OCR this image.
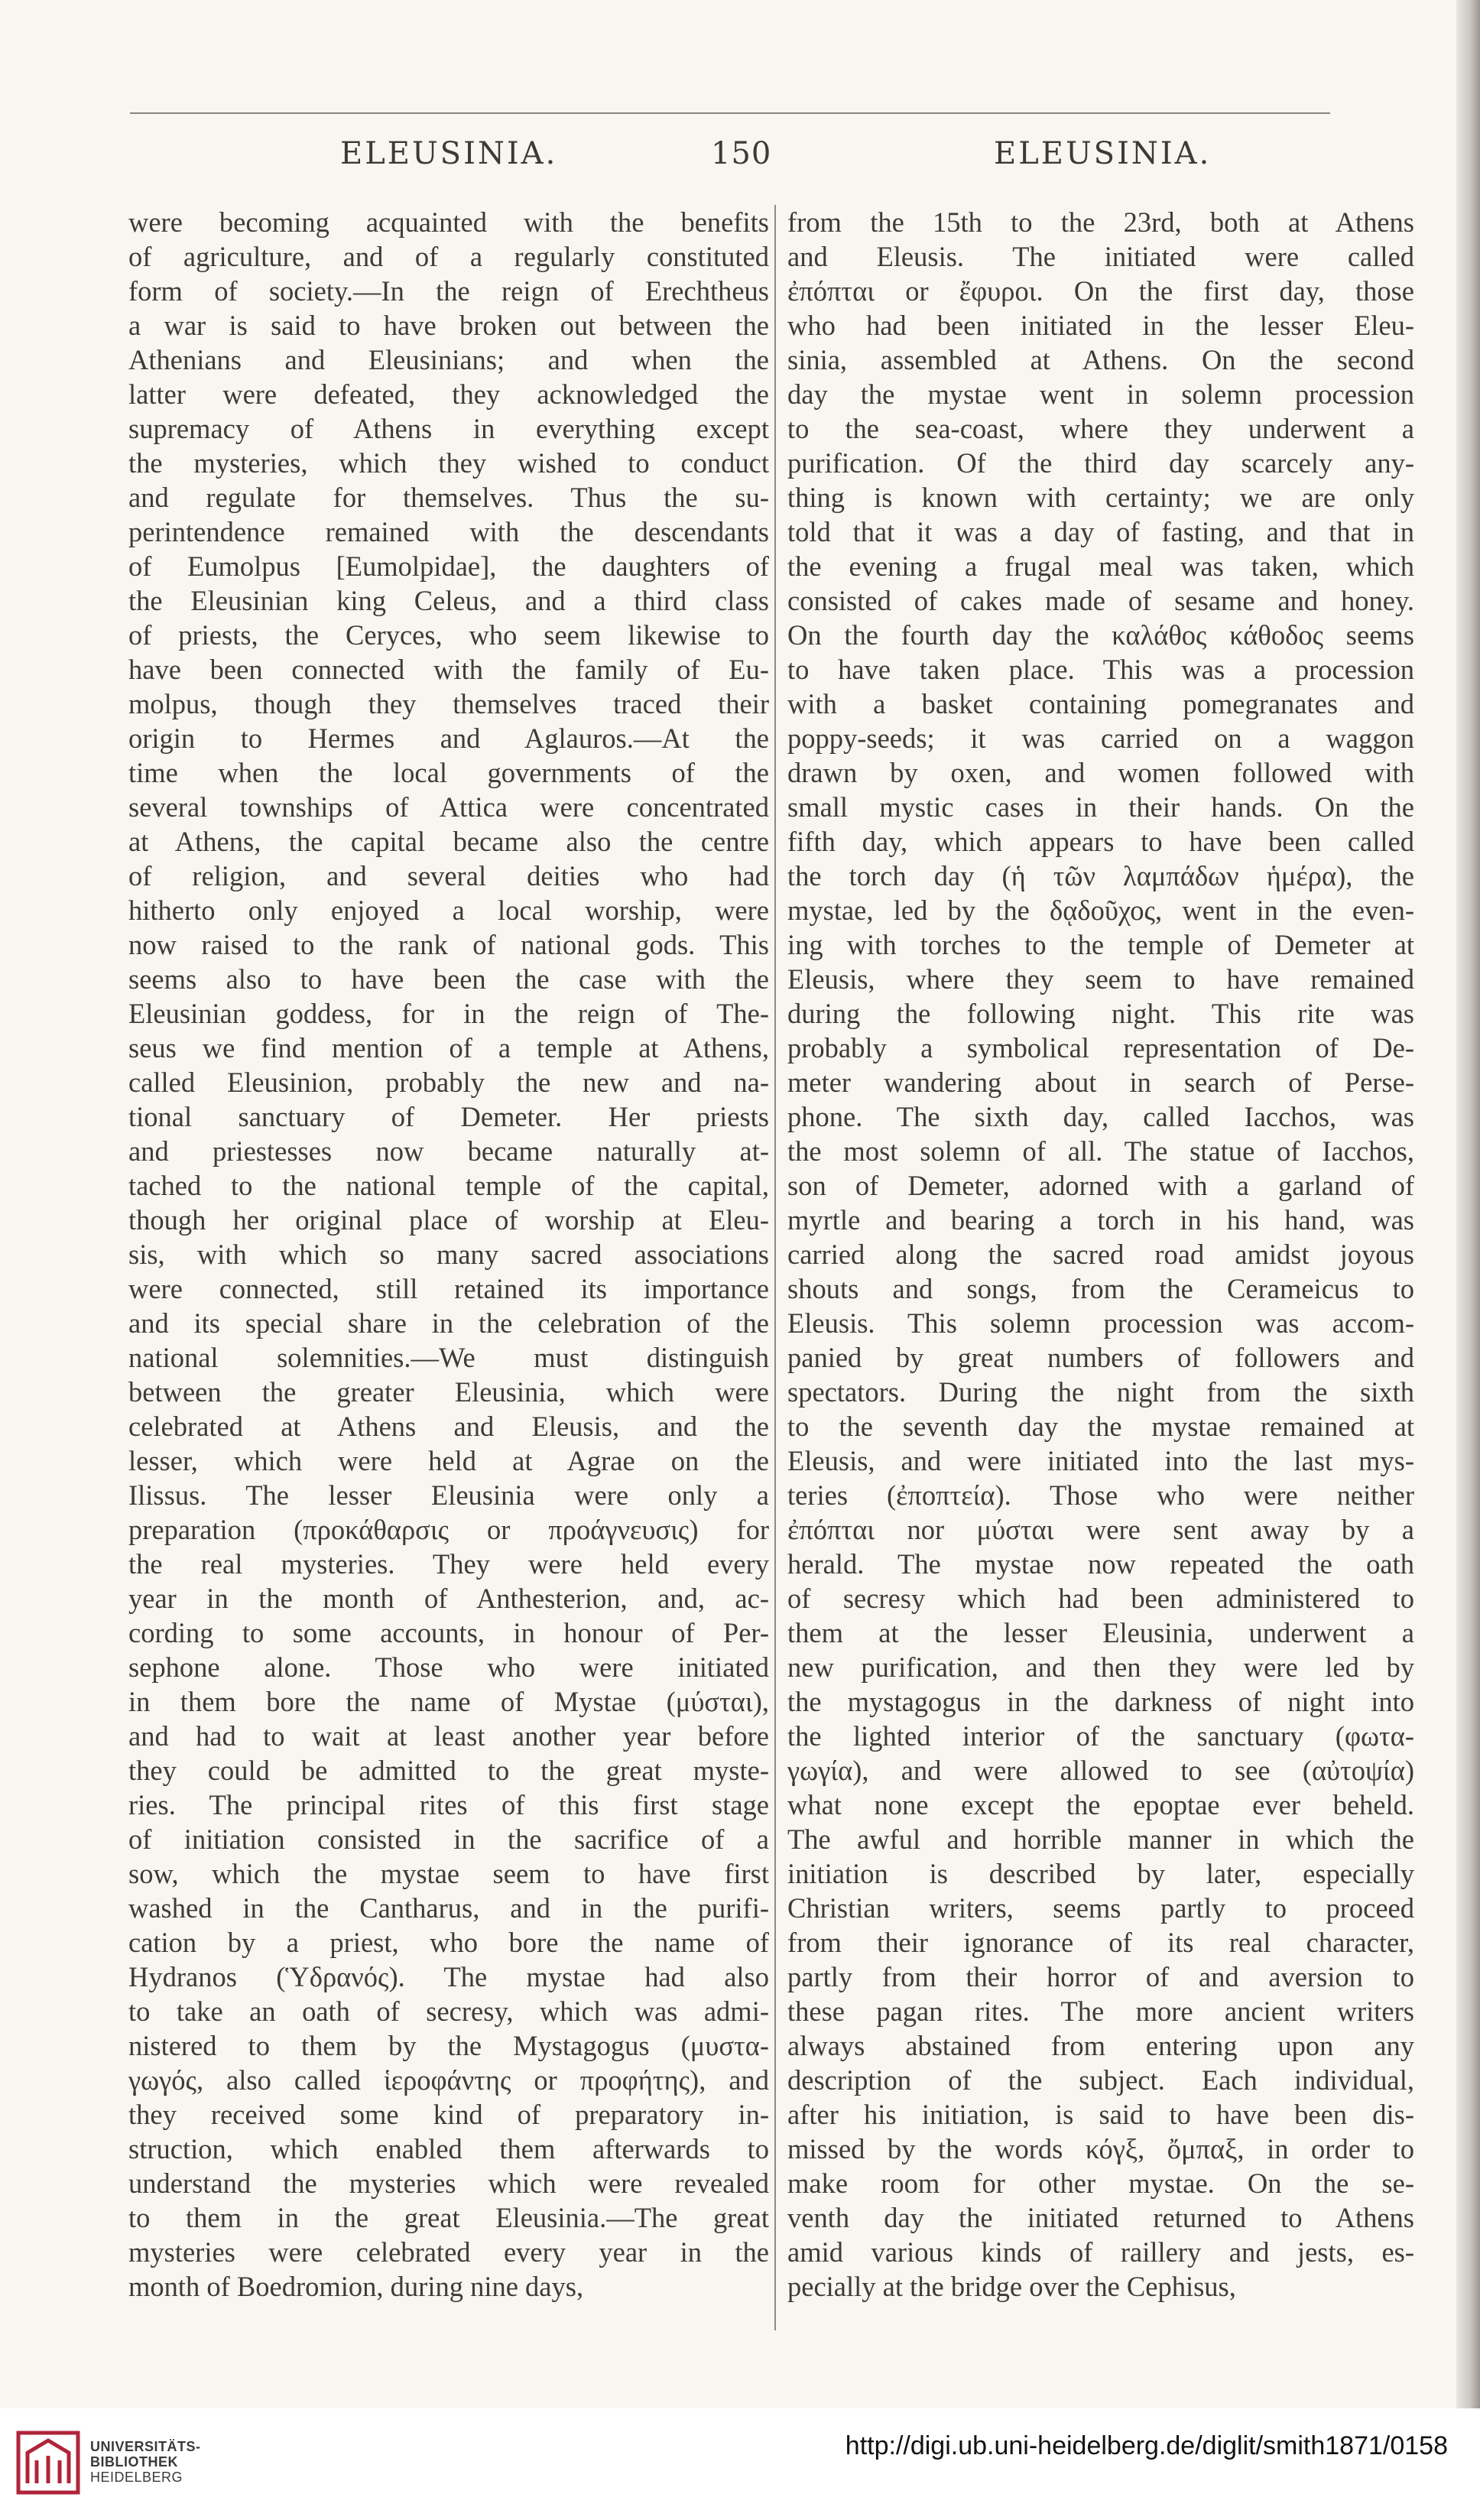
ELEUSINIA.	150	ELEUSINIA.
were becoming acquainted with the benefits
of agriculture, and of a regularly constituted
form of society.—In the reign of Erechtheus
a war is said to have broken out between the
Athenians and Eleusinians; and when the
latter were defeated, they acknowledged the
supremacy of Athens in everything except
the mysteries, which they wished to conduct
and regulate for themselves. Thus the su-
perintendence remained with the descendants
of Eumolpus [Eumolpidae], the daughters of
the Eleusinian king Celeus, and a third class
of priests, the Ceryces, who seem likewise to
have been connected with the family of Eu-
molpus, though they themselves traced their
origin to Hermes and Aglauros.—At the
time when the local governments of the
several townships of Attica were concentrated
at Athens, the capital became also the centre
of religion, and several deities who had
hitherto only enjoyed a local worship, were
now raised to the rank of national gods. This
seems also to have been the case with the
Eleusinian goddess, for in the reign of The-
seus we find mention of a temple at Athens,
called Eleusinion, probably the new and na-
tional sanctuary of Demeter. Her priests
and priestesses now became naturally at-
tached to the national temple of the capital,
though her original place of worship at Eleu-
sis, with which so many sacred associations
were connected, still retained its importance
and its special share in the celebration of the
national solemnities.—We must distinguish
between the greater Eleusinia, which were
celebrated at Athens and Eleusis, and the
lesser, which were held at Agrae on the
Ilissus. The lesser Eleusinia were only a
preparation (προκάθαρσις or προάγνευσις) for
the real mysteries. They were held every
year in the month of Anthesterion, and, ac-
cording to some accounts, in honour of Per-
sephone alone. Those who were initiated
in them bore the name of Mystae (μύσται),
and had to wait at least another year before
they could be admitted to the great myste-
ries. The principal rites of this first stage
of initiation consisted in the sacrifice of a
sow, which the mystae seem to have first
washed in the Cantharus, and in the purifi-
cation by a priest, who bore the name of
Hydranos (Ὑδρανός). The mystae had also
to take an oath of secresy, which was admi-
nistered to them by the Mystagogus (μυστα-
γωγός, also called ἱεροφάντης or προφήτης), and
they received some kind of preparatory in-
struction, which enabled them afterwards to
understand the mysteries which were revealed
to them in the great Eleusinia.—The great
mysteries were celebrated every year in the
month of Boedromion, during nine days,
from the 15th to the 23rd, both at Athens
and Eleusis. The initiated were called
ἐπόπται or ἔφυροι. On the first day, those
who had been initiated in the lesser Eleu-
sinia, assembled at Athens. On the second
day the mystae went in solemn procession
to the sea-coast, where they underwent a
purification. Of the third day scarcely any-
thing is known with certainty; we are only
told that it was a day of fasting, and that in
the evening a frugal meal was taken, which
consisted of cakes made of sesame and honey.
On the fourth day the καλάθος κάθοδος seems
to have taken place. This was a procession
with a basket containing pomegranates and
poppy-seeds; it was carried on a waggon
drawn by oxen, and women followed with
small mystic cases in their hands. On the
fifth day, which appears to have been called
the torch day (ἡ τῶν λαμπάδων ἡμέρα), the
mystae, led by the δᾳδοῦχος, went in the even-
ing with torches to the temple of Demeter at
Eleusis, where they seem to have remained
during the following night. This rite was
probably a symbolical representation of De-
meter wandering about in search of Perse-
phone. The sixth day, called Iacchos, was
the most solemn of all. The statue of Iacchos,
son of Demeter, adorned with a garland of
myrtle and bearing a torch in his hand, was
carried along the sacred road amidst joyous
shouts and songs, from the Cerameicus to
Eleusis. This solemn procession was accom-
panied by great numbers of followers and
spectators. During the night from the sixth
to the seventh day the mystae remained at
Eleusis, and were initiated into the last mys-
teries (ἐποπτεία). Those who were neither
ἐπόπται nor μύσται were sent away by a
herald. The mystae now repeated the oath
of secresy which had been administered to
them at the lesser Eleusinia, underwent a
new purification, and then they were led by
the mystagogus in the darkness of night into
the lighted interior of the sanctuary (φωτα-
γωγία), and were allowed to see (αὐτοψία)
what none except the epoptae ever beheld.
The awful and horrible manner in which the
initiation is described by later, especially
Christian writers, seems partly to proceed
from their ignorance of its real character,
partly from their horror of and aversion to
these pagan rites. The more ancient writers
always abstained from entering upon any
description of the subject. Each individual,
after his initiation, is said to have been dis-
missed by the words κόγξ, ὄμπαξ, in order to
make room for other mystae. On the se-
venth day the initiated returned to Athens
amid various kinds of raillery and jests, es-
pecially at the bridge over the Cephisus,
UNIVERSITÄTS-
BIBLIOTHEK
HEIDELBERG
http://digi.ub.uni-heidelberg.de/diglit/smith1871/0158
